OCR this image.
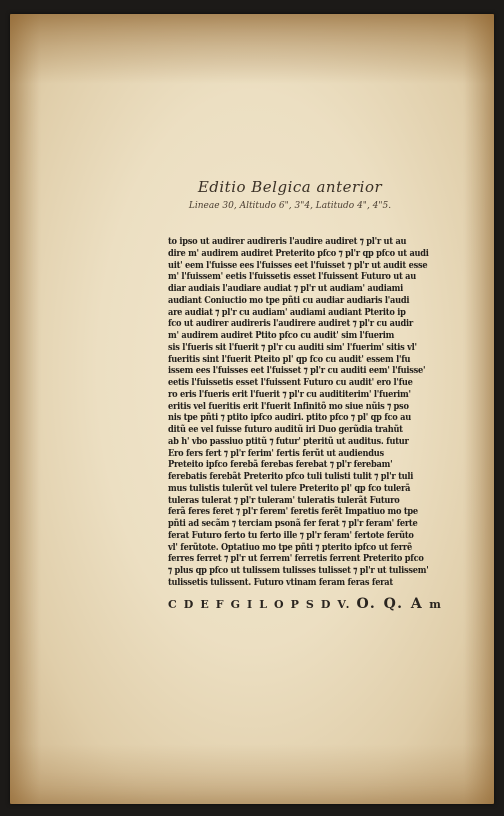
Editio Belgica anterior
Lineae 30, Altitudo 6", 3"4, Latitudo 4", 4"5.
to ipso ut audirer audireris l'audire audiret ⁊ pl'r ut au
dire m' audirem audiret Preterito pfco ⁊ pl'r qp pfco ut audi
uit' eem l'fuisse ees l'fuisses eet l'fuisset ⁊ pl'r ut audit esse
m' l'fuissem' eetis l'fuissetis esset l'fuissent Futuro ut au
diar audiais l'audiare audiat ⁊ pl'r ut audiam' audiami
audiant Coniuctio mo tpe pñti cu audiar audiaris l'audi
are audiat ⁊ pl'r cu audiam' audiami audiant Pterito ip
fco ut audirer audireris l'audirere audiret ⁊ pl'r cu audir
m' audirem audiret Ptito pfco cu audit' sim l'fuerim
sis l'fueris sit l'fuerit ⁊ pl'r cu auditi sim' l'fuerim' sitis vl'
fueritis sint l'fuerit Pteito pl' qp fco cu audit' essem l'fu
issem ees l'fuisses eet l'fuisset ⁊ pl'r cu auditi eem' l'fuisse'
eetis l'fuissetis esset l'fuissent Futuro cu audit' ero l'fue
ro eris l'fueris erit l'fuerit ⁊ pl'r cu audititerim' l'fuerim'
eritis vel fueritis erit l'fuerit Infinitõ mo siue nũis ⁊ pso
nis tpe pñti ⁊ ptito ipfco audiri. ptito pfco ⁊ pl' qp fco au
ditũ ee vel fuisse futuro auditũ iri Duo gerũdia trahũt
ab h' vbo passiuo ptitũ ⁊ futur' pteritũ ut auditus. futur
Ero fers fert ⁊ pl'r ferim' fertis ferũt ut audiendus
Preteito ipfco ferebã ferebas ferebat ⁊ pl'r ferebam'
ferebatis ferebãt Preterito pfco tuli tulisti tulit ⁊ pl'r tuli
mus tulistis tulerũt vel tulere Preterito pl' qp fco tulerã
tuleras tulerat ⁊ pl'r tuleram' tuleratis tulerãt Futuro
ferã feres feret ⁊ pl'r ferem' feretis ferẽt Impatiuo mo tpe
pñti ad secãm ⁊ terciam psonã fer ferat ⁊ pl'r feram' ferte
ferat Futuro ferto tu ferto ille ⁊ pl'r feram' fertote ferũto
vl' ferũtote. Optatiuo mo tpe pñti ⁊ pterito ipfco ut ferrẽ
ferres ferret ⁊ pl'r ut ferrem' ferretis ferrent Preterito pfco
⁊ plus qp pfco ut tulissem tulisses tulisset ⁊ pl'r ut tulissem'
tulissetis tulissent. Futuro vtinam feram feras ferat
C D E F G I L O P S D V. O. Q. A m
